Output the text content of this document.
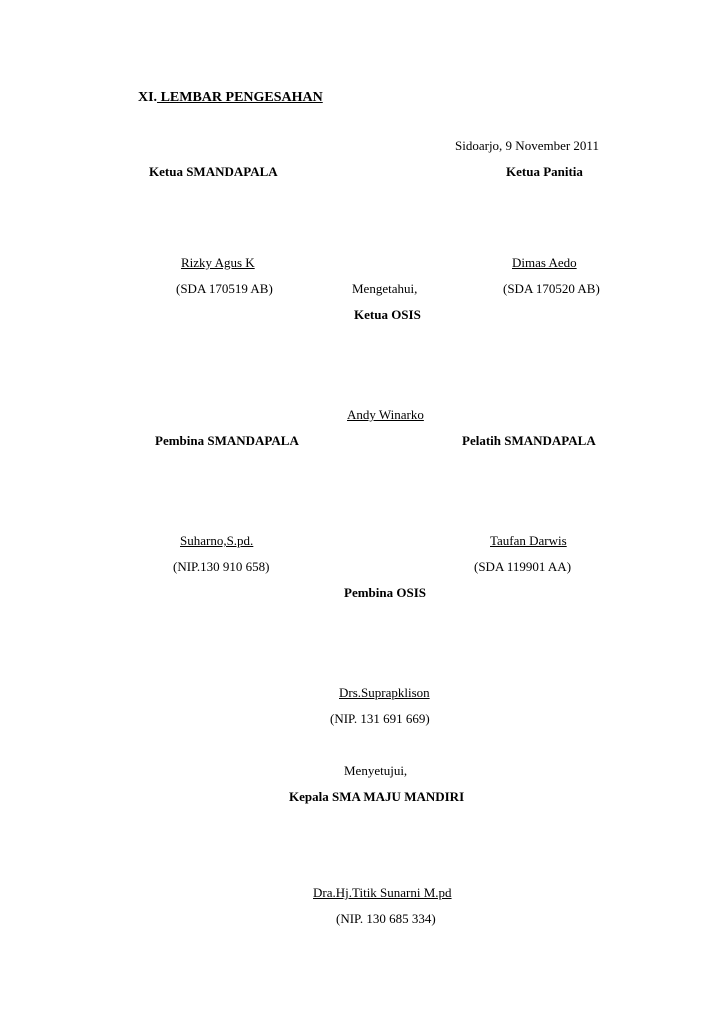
XI. LEMBAR PENGESAHAN
Sidoarjo, 9 November 2011
Ketua SMANDAPALA	Ketua Panitia
Rizky Agus K	Dimas Aedo
(SDA 170519 AB)	Mengetahui,	(SDA 170520 AB)
Ketua OSIS
Andy Winarko
Pembina SMANDAPALA	Pelatih SMANDAPALA
Suharno,S.pd.	Taufan Darwis
(NIP.130 910 658)	(SDA 119901 AA)
Pembina OSIS
Drs.Suprapklison
(NIP. 131 691 669)
Menyetujui,
Kepala SMA MAJU MANDIRI
Dra.Hj.Titik Sunarni M.pd
(NIP. 130 685 334)
